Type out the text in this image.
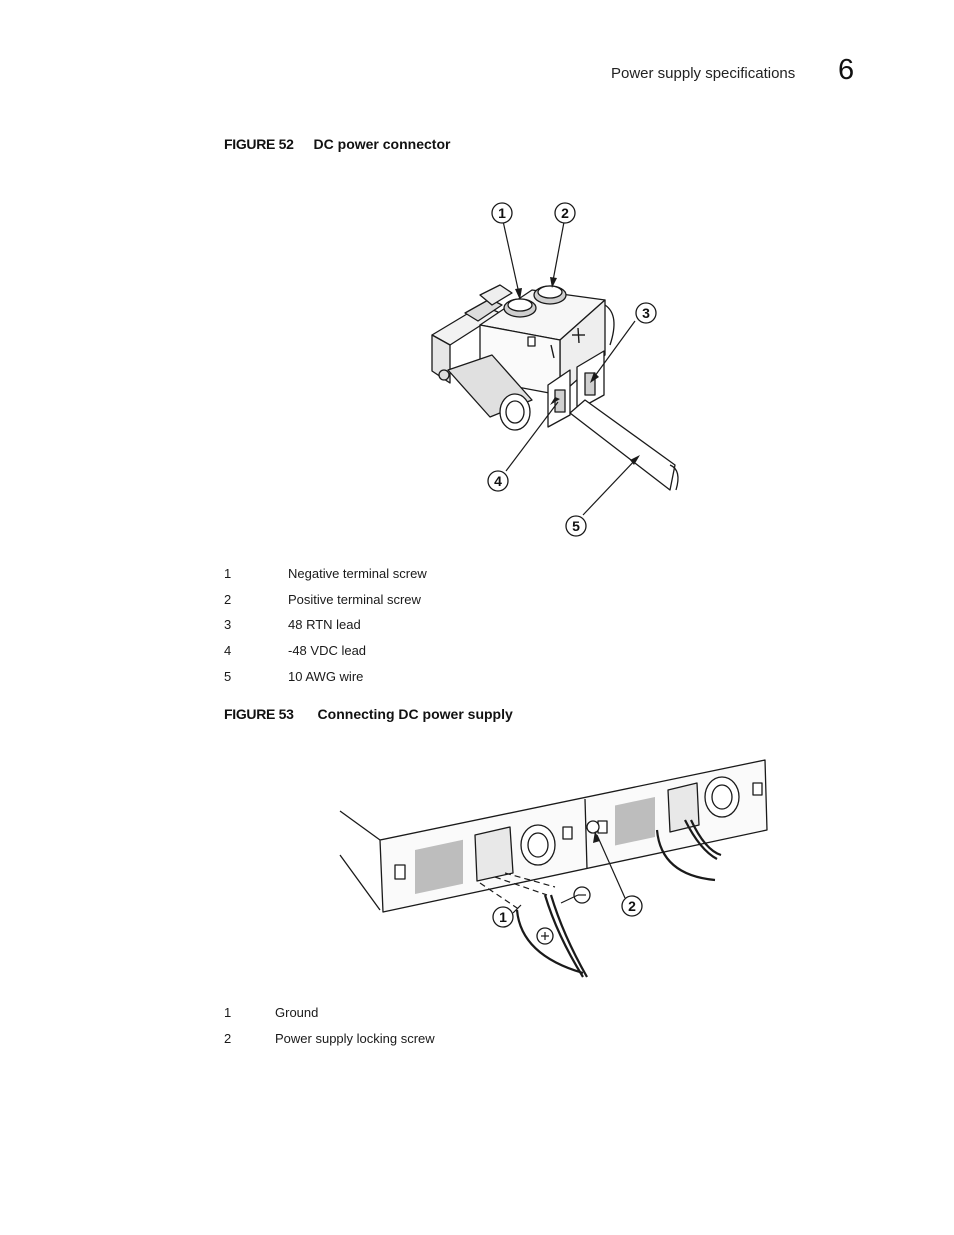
Power supply specifications 6
FIGURE 52 DC power connector
1	2
3
4
5
1	Negative terminal screw
2	Positive terminal screw
3	48 RTN lead
4	-48 VDC lead
5	10 AWG wire
FIGURE 53 Connecting DC power supply
1
2
1	Ground
2	Power supply locking screw
